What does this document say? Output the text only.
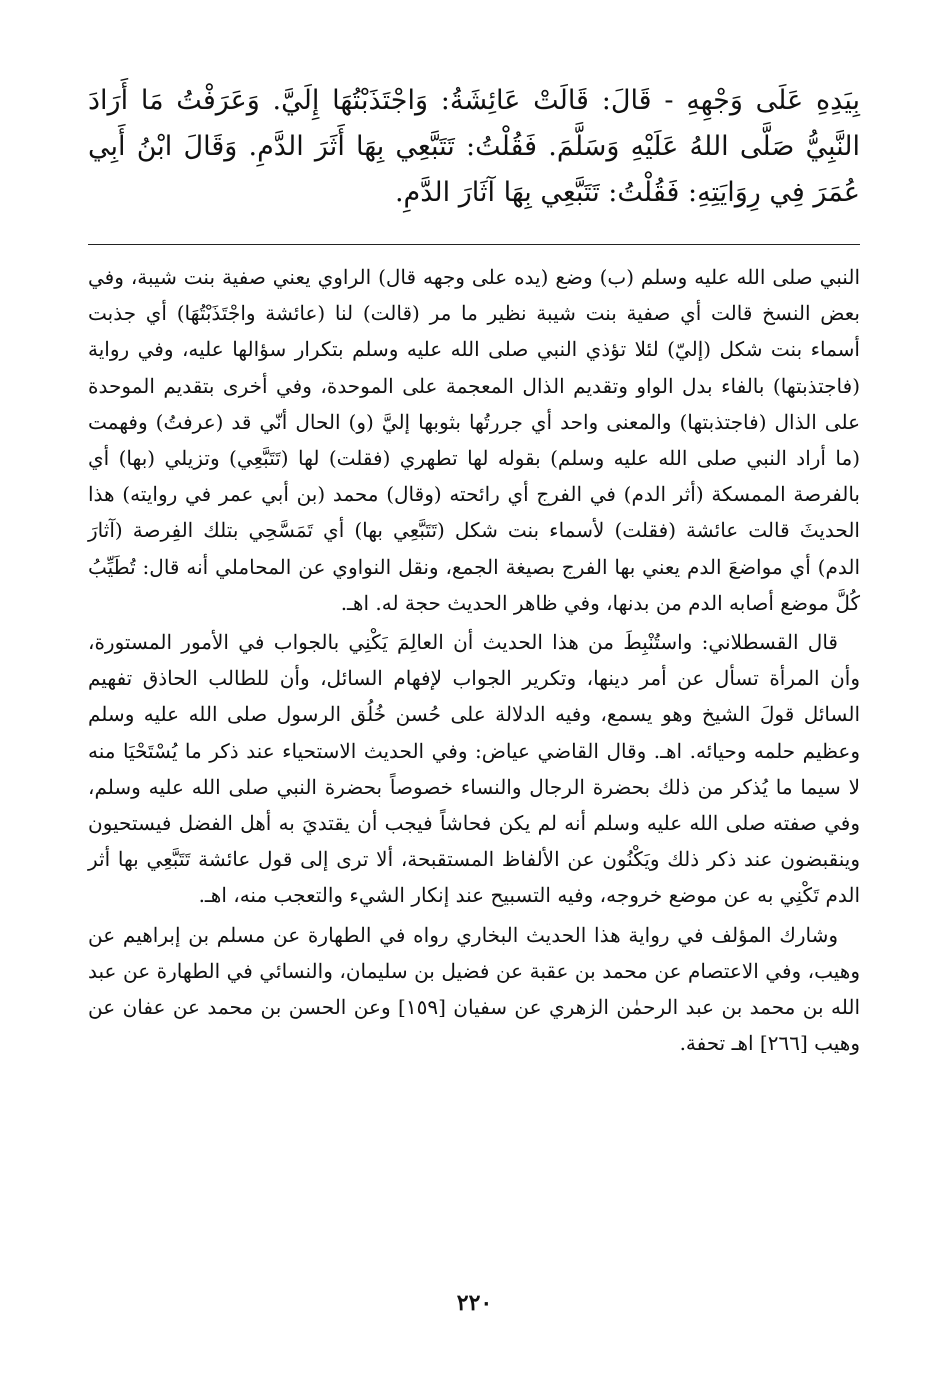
بِيَدِهِ عَلَى وَجْهِهِ - قَالَ: قَالَتْ عَائِشَةُ: وَاجْتَذَبْتُهَا إِلَيَّ. وَعَرَفْتُ مَا أَرَادَ النَّبِيُّ صَلَّى اللهُ عَلَيْهِ وَسَلَّمَ. فَقُلْتُ: تَتَبَّعِي بِهَا أَثَرَ الدَّمِ. وَقَالَ ابْنُ أَبِي عُمَرَ فِي رِوَايَتِهِ: فَقُلْتُ: تَتَبَّعِي بِهَا آثَارَ الدَّمِ.

النبي صلى الله عليه وسلم (ب) وضع (يده على وجهه قال) الراوي يعني صفية بنت شيبة، وفي بعض النسخ قالت أي صفية بنت شيبة نظير ما مر (قالت) لنا (عائشة واجْتَذَبْتُهَا) أي جذبت أسماء بنت شكل (إليّ) لئلا تؤذي النبي صلى الله عليه وسلم بتكرار سؤالها عليه، وفي رواية (فاجتذبتها) بالفاء بدل الواو وتقديم الذال المعجمة على الموحدة، وفي أخرى بتقديم الموحدة على الذال (فاجتذبتها) والمعنى واحد أي جررتُها بثوبها إليَّ (و) الحال أنّي قد (عرفتُ) وفهمت (ما أراد النبي صلى الله عليه وسلم) بقوله لها تطهري (فقلت) لها (تَتَبَّعِي) وتزيلي (بها) أي بالفرصة الممسكة (أثر الدم) في الفرج أي رائحته (وقال) محمد (بن أبي عمر في روايته) هذا الحديثَ قالت عائشة (فقلت) لأسماء بنت شكل (تَتَبَّعِي بها) أي تَمَسَّحِي بتلك الفِرصة (آثارَ الدم) أي مواضعَ الدم يعني بها الفرج بصيغة الجمع، ونقل النواوي عن المحاملي أنه قال: تُطَيِّبُ كُلَّ موضع أصابه الدم من بدنها، وفي ظاهر الحديث حجة له. اهـ.

قال القسطلاني: واستُنْبِطَ من هذا الحديث أن العالِمَ يَكْنِي بالجواب في الأمور المستورة، وأن المرأة تسأل عن أمر دينها، وتكرير الجواب لإفهام السائل، وأن للطالب الحاذق تفهيم السائل قولَ الشيخ وهو يسمع، وفيه الدلالة على حُسن خُلُق الرسول صلى الله عليه وسلم وعظيم حلمه وحيائه. اهـ. وقال القاضي عياض: وفي الحديث الاستحياء عند ذكر ما يُسْتَحْيَا منه لا سيما ما يُذكر من ذلك بحضرة الرجال والنساء خصوصاً بحضرة النبي صلى الله عليه وسلم، وفي صفته صلى الله عليه وسلم أنه لم يكن فحاشاً فيجب أن يقتديَ به أهل الفضل فيستحيون وينقبضون عند ذكر ذلك ويَكْنُون عن الألفاظ المستقبحة، ألا ترى إلى قول عائشة تَتَبَّعِي بها أثر الدم تَكْنِي به عن موضع خروجه، وفيه التسبيح عند إنكار الشيء والتعجب منه، اهـ.

وشارك المؤلف في رواية هذا الحديث البخاري رواه في الطهارة عن مسلم بن إبراهيم عن وهيب، وفي الاعتصام عن محمد بن عقبة عن فضيل بن سليمان، والنسائي في الطهارة عن عبد الله بن محمد بن عبد الرحمٰن الزهري عن سفيان [١٥٩] وعن الحسن بن محمد عن عفان عن وهيب [٢٦٦] اهـ تحفة.

٢٢٠
